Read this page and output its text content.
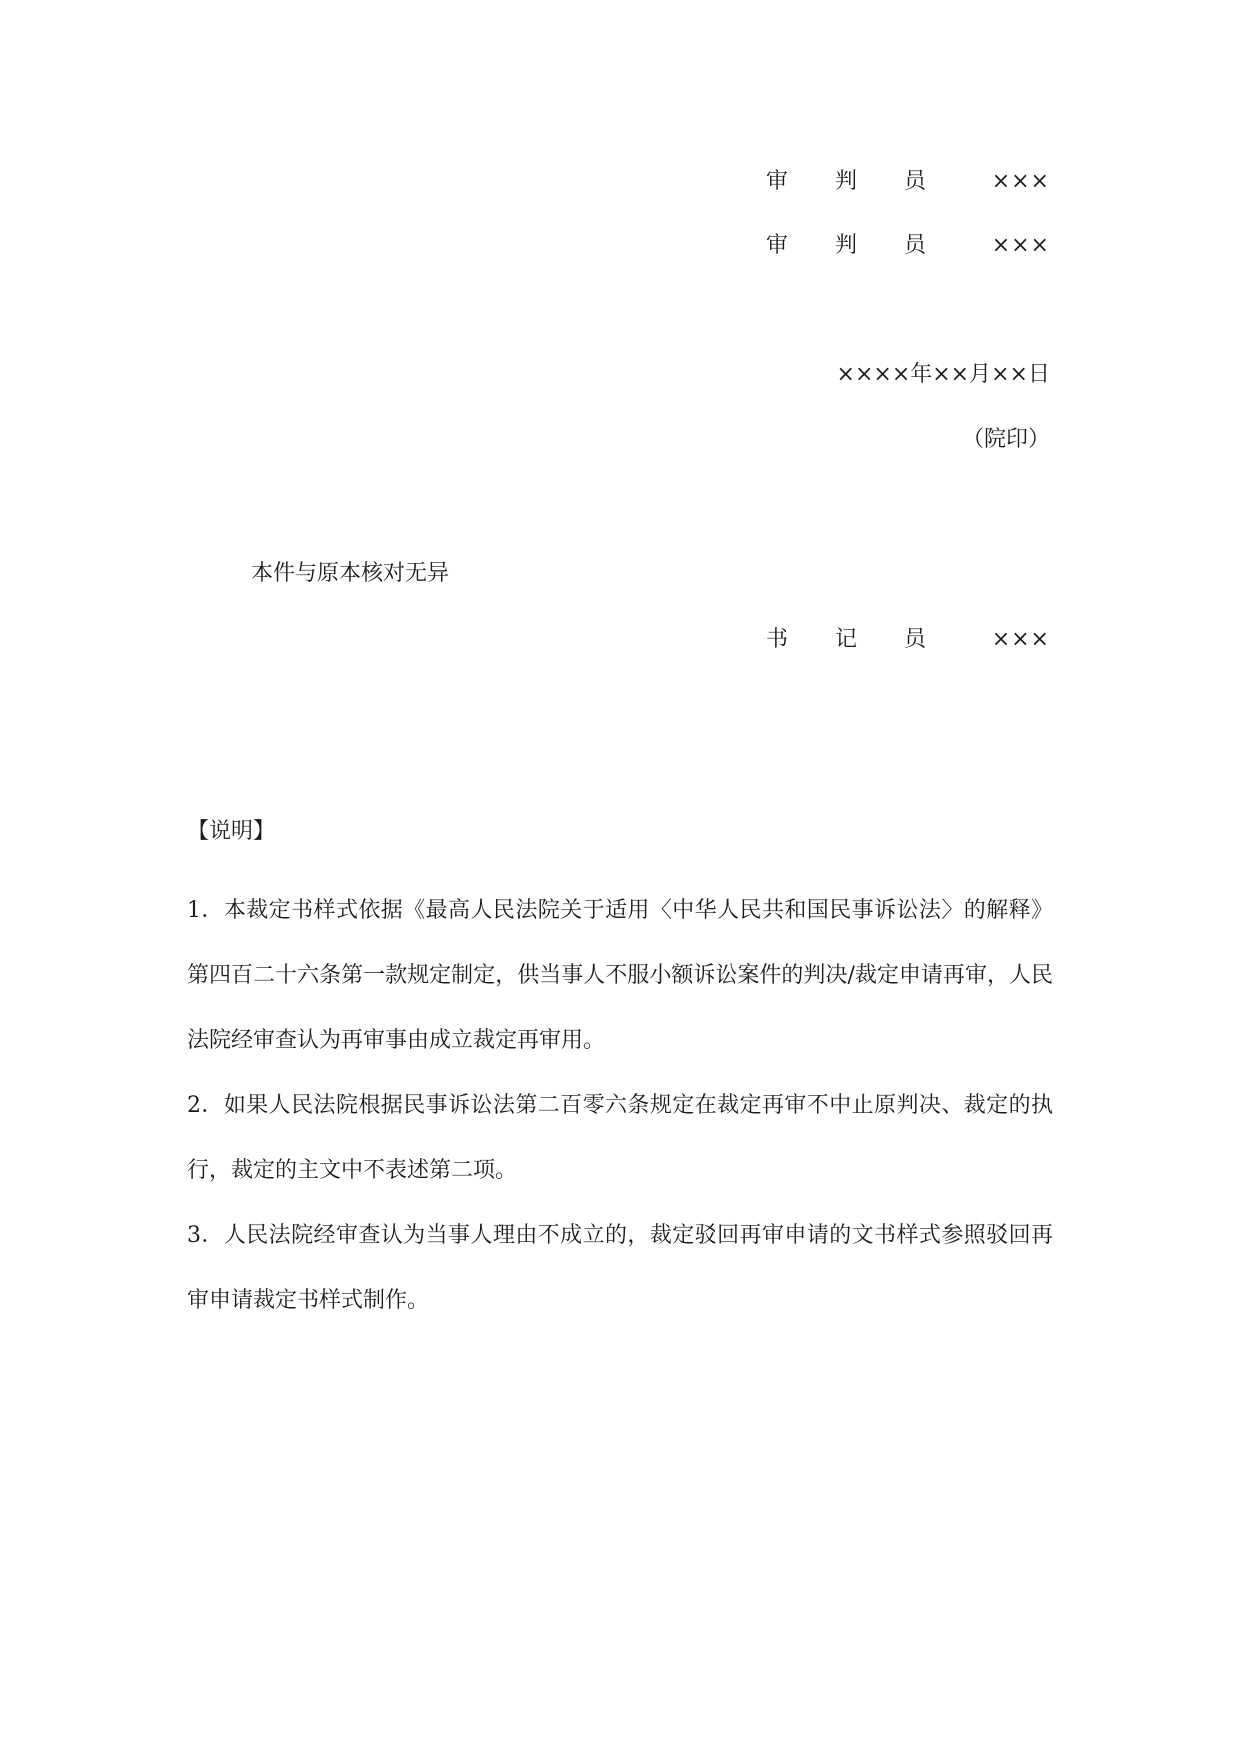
审 判 员	×××
审 判 员	×××
××××年××月××日
（院印）
本件与原本核对无异
书 记 员	×××
【说明】

1．本裁定书样式依据《最高人民法院关于适用〈中华人民共和国民事诉讼法〉的解释》第四百二十六条第一款规定制定，供当事人不服小额诉讼案件的判决/裁定申请再审，人民法院经审查认为再审事由成立裁定再审用。

2．如果人民法院根据民事诉讼法第二百零六条规定在裁定再审不中止原判决、裁定的执行，裁定的主文中不表述第二项。

3．人民法院经审查认为当事人理由不成立的，裁定驳回再审申请的文书样式参照驳回再审申请裁定书样式制作。
